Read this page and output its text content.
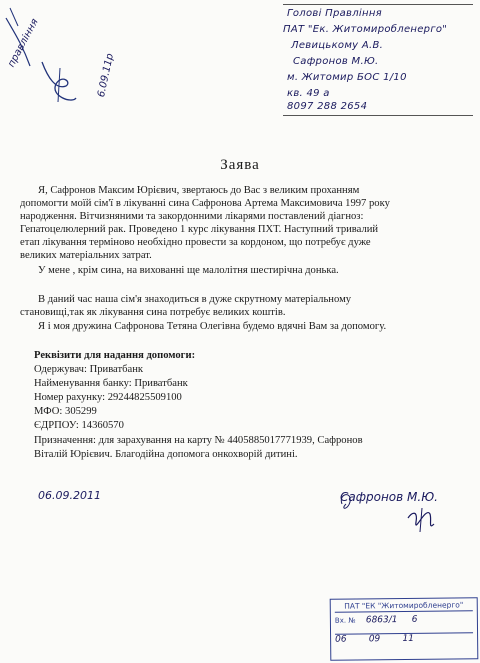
правління
6.09.11р
Голові Правління
ПАТ "Ек. Житомиробленерго"
Левицькому А.В.
Сафронов М.Ю.
м. Житомир БОС 1/10
кв. 49 а
8097 288 2654
Заява
Я, Сафронов Максим Юрієвич, звертаюсь до Вас з великим проханням
допомогти моїй сім'ї в лікуванні сина Сафронова Артема Максимовича 1997 року
народження. Вітчизняними та закордонними лікарями поставлений діагноз:
Гепатоцелюлерний рак. Проведено 1 курс лікування ПХТ. Наступний тривалий
етап лікування терміново необхідно провести за кордоном, що потребує дуже
великих матеріальних затрат.
У мене , крім сина, на вихованні ще малолітня шестирічна донька.
В даний час наша сім'я знаходиться в дуже скрутному матеріальному
становищі,так як лікування сина потребує великих коштів.
Я і моя дружина Сафронова Тетяна Олегівна будемо вдячні Вам за допомогу.
Реквізити для надання допомоги:
Одержувач: Приватбанк
Найменування банку: Приватбанк
Номер рахунку: 29244825509100
МФО: 305299
ЄДРПОУ: 14360570
Призначення: для зарахування на карту № 4405885017771939, Сафронов
Віталій Юрієвич. Благодійна допомога онкохворій дитині.
06.09.2011	Сафронов М.Ю.
ПАТ "ЕК "Житомиробленерго"
Вх. № 6863/1 6
06 09 11
